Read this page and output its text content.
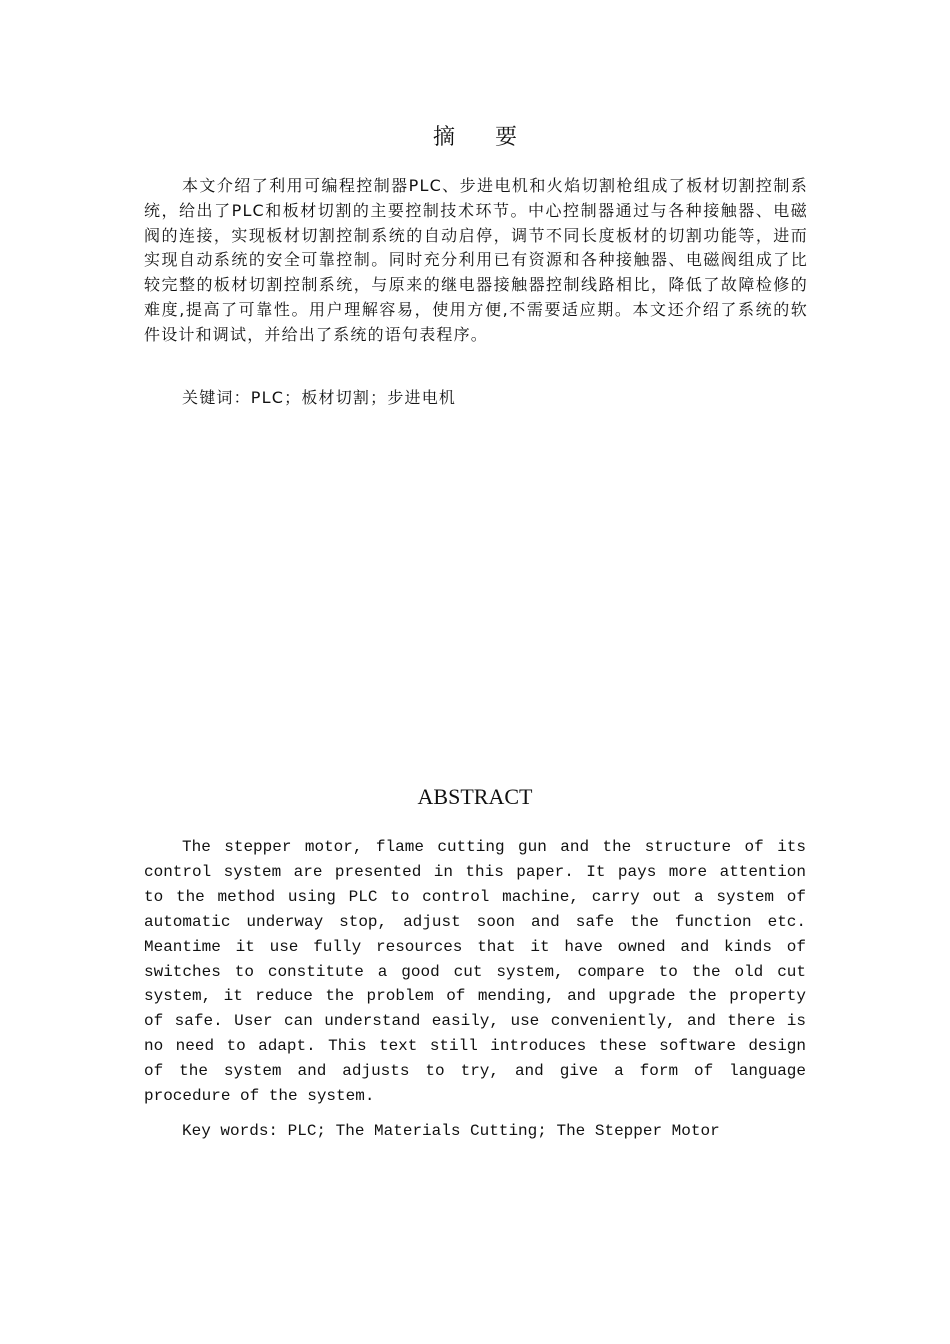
摘要

本文介绍了利用可编程控制器PLC、步进电机和火焰切割枪组成了板材切割控制系统，给出了PLC和板材切割的主要控制技术环节。中心控制器通过与各种接触器、电磁阀的连接，实现板材切割控制系统的自动启停，调节不同长度板材的切割功能等，进而实现自动系统的安全可靠控制。同时充分利用已有资源和各种接触器、电磁阀组成了比较完整的板材切割控制系统，与原来的继电器接触器控制线路相比，降低了故障检修的难度,提高了可靠性。用户理解容易，使用方便,不需要适应期。本文还介绍了系统的软件设计和调试，并给出了系统的语句表程序。

关键词：PLC；板材切割；步进电机
ABSTRACT

The stepper motor, flame cutting gun and the structure of its control system are presented in this paper. It pays more attention to the method using PLC to control machine, carry out a system of automatic underway stop, adjust soon and safe the function etc. Meantime it use fully resources that it have owned and kinds of switches to constitute a good cut system, compare to the old cut system, it reduce the problem of mending, and upgrade the property of safe. User can understand easily, use conveniently, and there is no need to adapt. This text still introduces these software design of the system and adjusts to try, and give a form of language procedure of the system.

Key words: PLC; The Materials Cutting; The Stepper Motor
